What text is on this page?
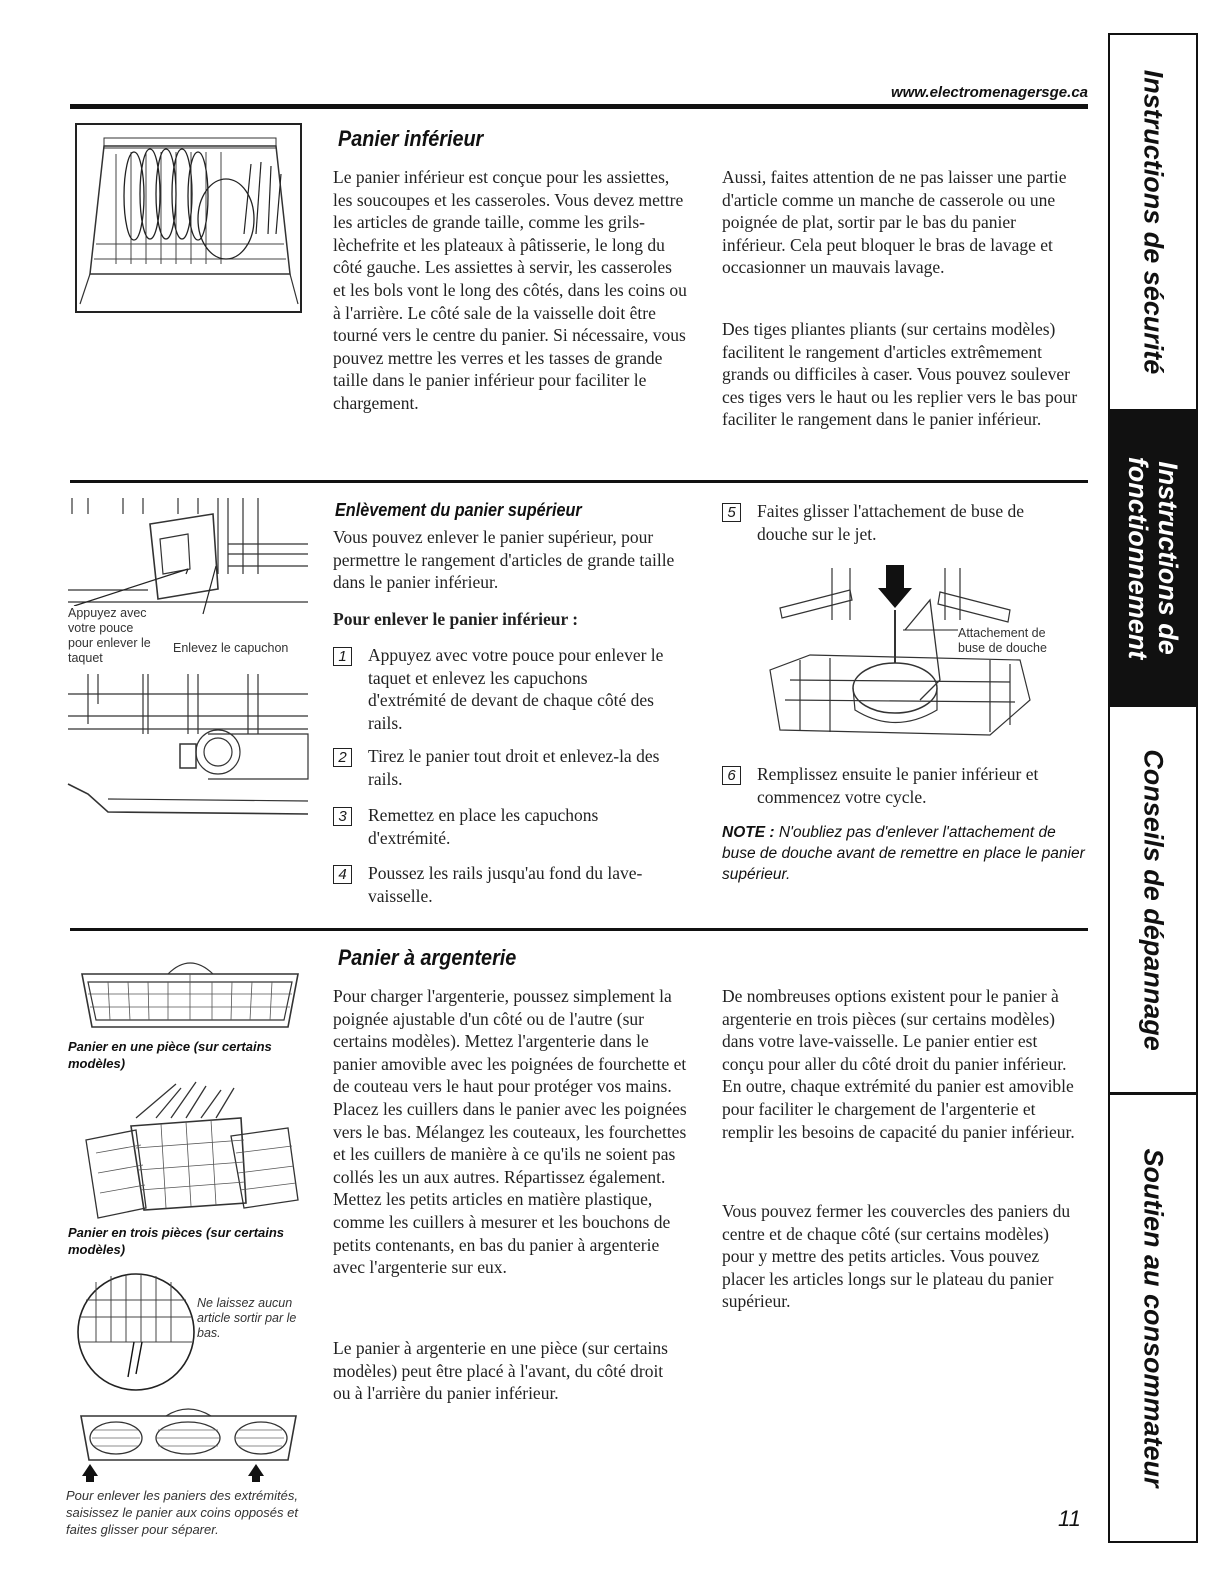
www.electromenagersge.ca
Panier inférieur

Le panier inférieur est conçue pour les assiettes, les soucoupes et les casseroles. Vous devez mettre les articles de grande taille, comme les grils-lèchefrite et les plateaux à pâtisserie, le long du côté gauche. Les assiettes à servir, les casseroles et les bols vont le long des côtés, dans les coins ou à l'arrière. Le côté sale de la vaisselle doit être tourné vers le centre du panier. Si nécessaire, vous pouvez mettre les verres et les tasses de grande taille dans le panier inférieur pour faciliter le chargement.

Aussi, faites attention de ne pas laisser une partie d'article comme un manche de casserole ou une poignée de plat, sortir par le bas du panier inférieur. Cela peut bloquer le bras de lavage et occasionner un mauvais lavage.

Des tiges pliantes pliants (sur certains modèles) facilitent le rangement d'articles extrêmement grands ou difficiles à caser. Vous pouvez soulever ces tiges vers le haut ou les replier vers le bas pour faciliter le rangement dans le panier inférieur.

Appuyez avec votre pouce pour enlever le taquet
Enlevez le capuchon
Enlèvement du panier supérieur

Vous pouvez enlever le panier supérieur, pour permettre le rangement d'articles de grande taille dans le panier inférieur.

Pour enlever le panier inférieur :
1	Appuyez avec votre pouce pour enlever le taquet et enlevez les capuchons d'extrémité de devant de chaque côté des rails.

2	Tirez le panier tout droit et enlevez-la des rails.

3	Remettez en place les capuchons d'extrémité.

4	Poussez les rails jusqu'au fond du lave-vaisselle.

5	Faites glisser l'attachement de buse de douche sur le jet.

Attachement de buse de douche
6	Remplissez ensuite le panier inférieur et commencez votre cycle.

NOTE : N'oubliez pas d'enlever l'attachement de buse de douche avant de remettre en place le panier supérieur.
Panier en une pièce (sur certains modèles)
Panier en trois pièces (sur certains modèles)
Ne laissez aucun article sortir par le bas.
Pour enlever les paniers des extrémités, saisissez le panier aux coins opposés et faites glisser pour séparer.
Panier à argenterie

Pour charger l'argenterie, poussez simplement la poignée ajustable d'un côté ou de l'autre (sur certains modèles). Mettez l'argenterie dans le panier amovible avec les poignées de fourchette et de couteau vers le haut pour protéger vos mains. Placez les cuillers dans le panier avec les poignées vers le bas. Mélangez les couteaux, les fourchettes et les cuillers de manière à ce qu'ils ne soient pas collés les un aux autres. Répartissez également. Mettez les petits articles en matière plastique, comme les cuillers à mesurer et les bouchons de petits contenants, en bas du panier à argenterie avec l'argenterie sur eux.

Le panier à argenterie en une pièce (sur certains modèles) peut être placé à l'avant, du côté droit ou à l'arrière du panier inférieur.

De nombreuses options existent pour le panier à argenterie en trois pièces (sur certains modèles) dans votre lave-vaisselle. Le panier entier est conçu pour aller du côté droit du panier inférieur. En outre, chaque extrémité du panier est amovible pour faciliter le chargement de l'argenterie et remplir les besoins de capacité du panier inférieur.

Vous pouvez fermer les couvercles des paniers du centre et de chaque côté (sur certains modèles) pour y mettre des petits articles. Vous pouvez placer les articles longs sur le plateau du panier supérieur.

11
Instructions de sécurité
Instructions de fonctionnement
Conseils de dépannage
Soutien au consommateur
